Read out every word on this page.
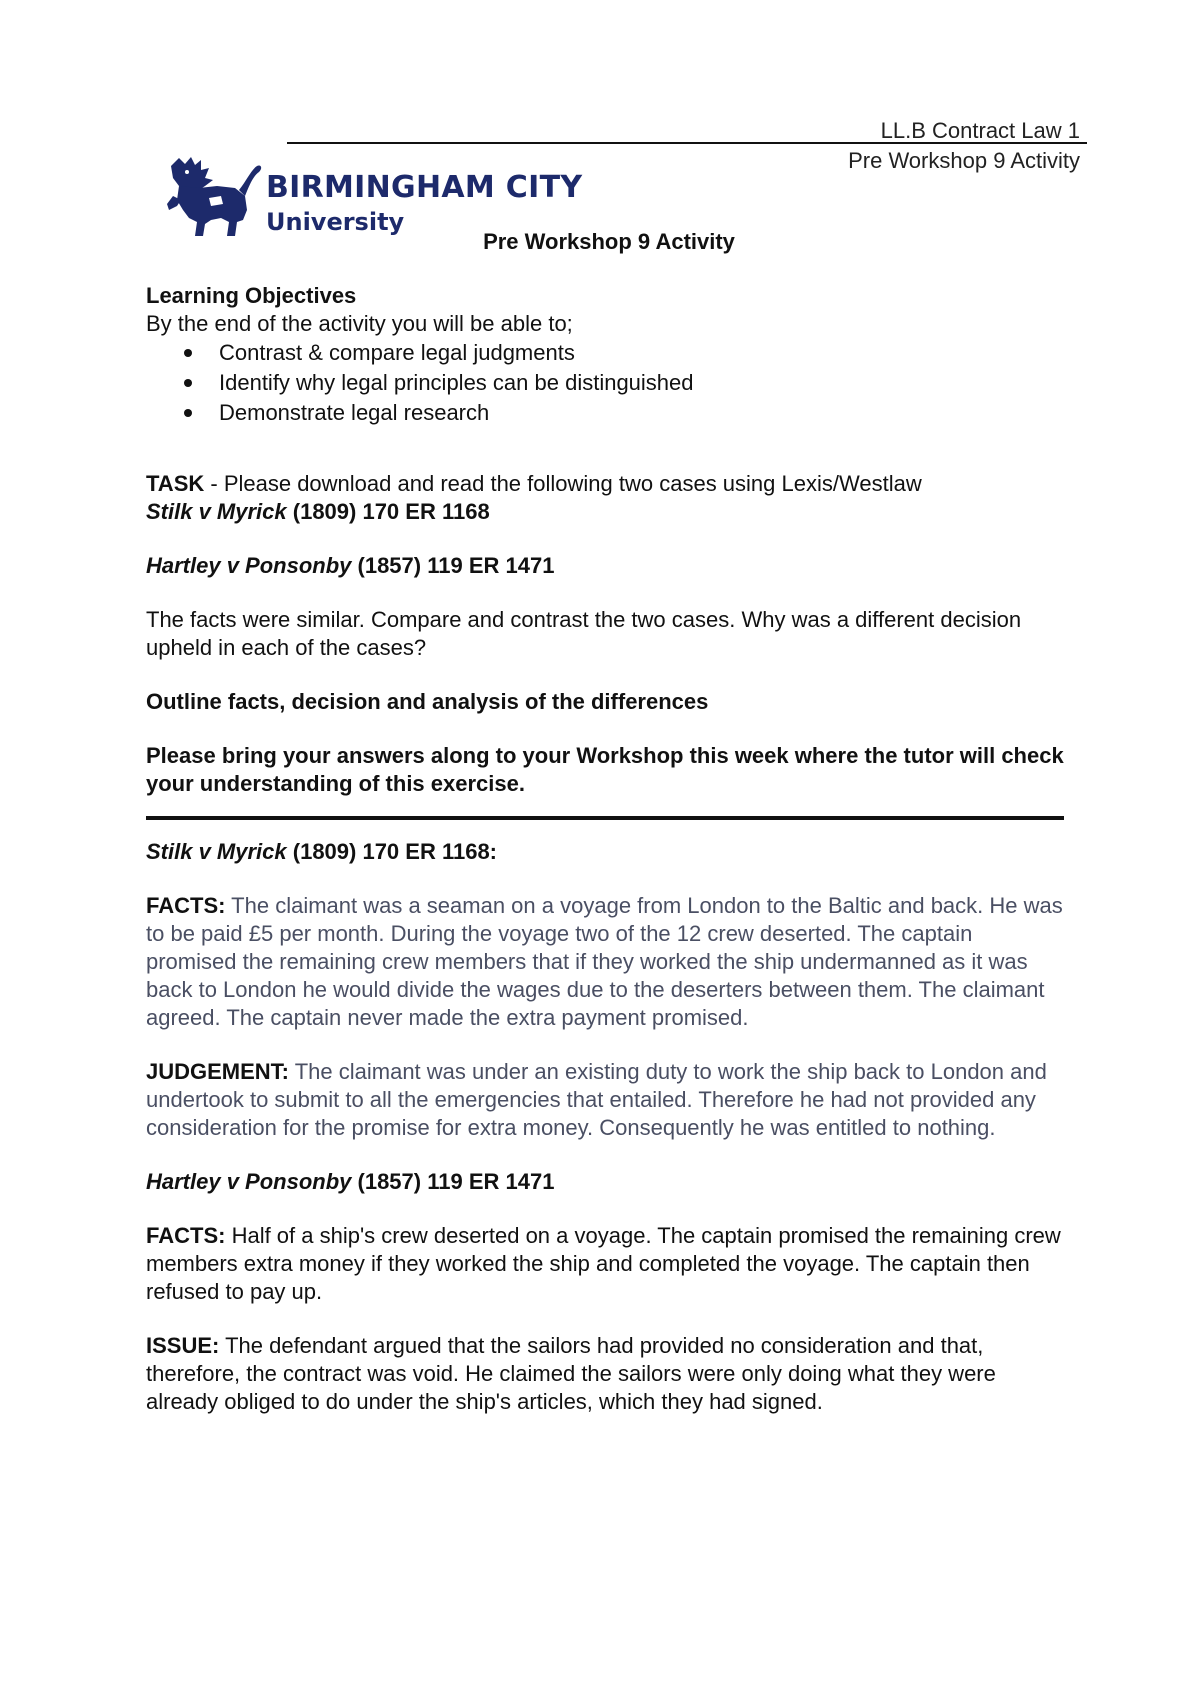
LL.B Contract Law 1
Pre Workshop 9 Activity
BIRMINGHAM CITY
University

Pre Workshop 9 Activity

Learning Objectives

By the end of the activity you will be able to;

Contrast & compare legal judgments
Identify why legal principles can be distinguished
Demonstrate legal research

TASK - Please download and read the following two cases using Lexis/Westlaw

Stilk v Myrick (1809) 170 ER 1168

Hartley v Ponsonby (1857) 119 ER 1471

The facts were similar. Compare and contrast the two cases. Why was a different decision upheld in each of the cases?

Outline facts, decision and analysis of the differences

Please bring your answers along to your Workshop this week where the tutor will check your understanding of this exercise.

Stilk v Myrick (1809) 170 ER 1168:

FACTS: The claimant was a seaman on a voyage from London to the Baltic and back. He was to be paid £5 per month. During the voyage two of the 12 crew deserted. The captain promised the remaining crew members that if they worked the ship undermanned as it was back to London he would divide the wages due to the deserters between them. The claimant agreed. The captain never made the extra payment promised.

JUDGEMENT: The claimant was under an existing duty to work the ship back to London and undertook to submit to all the emergencies that entailed. Therefore he had not provided any consideration for the promise for extra money. Consequently he was entitled to nothing.

Hartley v Ponsonby (1857) 119 ER 1471

FACTS: Half of a ship's crew deserted on a voyage. The captain promised the remaining crew members extra money if they worked the ship and completed the voyage. The captain then refused to pay up.

ISSUE: The defendant argued that the sailors had provided no consideration and that, therefore, the contract was void. He claimed the sailors were only doing what they were already obliged to do under the ship's articles, which they had signed.
